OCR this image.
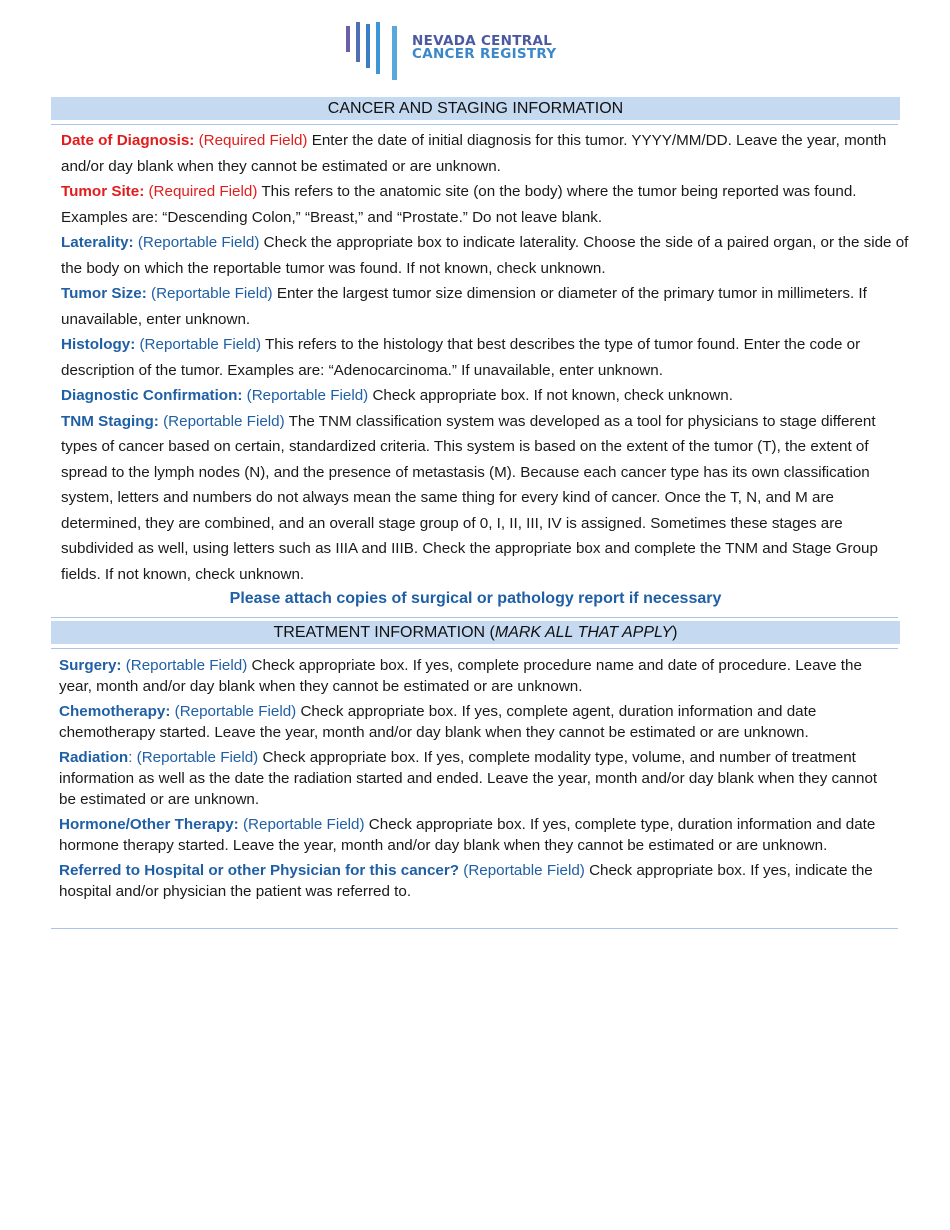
NEVADA CENTRAL
CANCER REGISTRY
CANCER AND STAGING INFORMATION

Date of Diagnosis: (Required Field) Enter the date of initial diagnosis for this tumor. YYYY/MM/DD. Leave the year, month and/or day blank when they cannot be estimated or are unknown.

Tumor Site: (Required Field) This refers to the anatomic site (on the body) where the tumor being reported was found. Examples are: “Descending Colon,” “Breast,” and “Prostate.” Do not leave blank.

Laterality: (Reportable Field) Check the appropriate box to indicate laterality. Choose the side of a paired organ, or the side of the body on which the reportable tumor was found. If not known, check unknown.

Tumor Size: (Reportable Field) Enter the largest tumor size dimension or diameter of the primary tumor in millimeters. If unavailable, enter unknown.

Histology: (Reportable Field) This refers to the histology that best describes the type of tumor found. Enter the code or description of the tumor. Examples are: “Adenocarcinoma.” If unavailable, enter unknown.

Diagnostic Confirmation: (Reportable Field) Check appropriate box. If not known, check unknown.

TNM Staging: (Reportable Field) The TNM classification system was developed as a tool for physicians to stage different types of cancer based on certain, standardized criteria. This system is based on the extent of the tumor (T), the extent of spread to the lymph nodes (N), and the presence of metastasis (M). Because each cancer type has its own classification system, letters and numbers do not always mean the same thing for every kind of cancer. Once the T, N, and M are determined, they are combined, and an overall stage group of 0, I, II, III, IV is assigned. Sometimes these stages are subdivided as well, using letters such as IIIA and IIIB. Check the appropriate box and complete the TNM and Stage Group fields. If not known, check unknown.

Please attach copies of surgical or pathology report if necessary
TREATMENT INFORMATION (MARK ALL THAT APPLY)

Surgery: (Reportable Field) Check appropriate box. If yes, complete procedure name and date of procedure. Leave the year, month and/or day blank when they cannot be estimated or are unknown.

Chemotherapy: (Reportable Field) Check appropriate box. If yes, complete agent, duration information and date chemotherapy started. Leave the year, month and/or day blank when they cannot be estimated or are unknown.

Radiation: (Reportable Field) Check appropriate box. If yes, complete modality type, volume, and number of treatment information as well as the date the radiation started and ended. Leave the year, month and/or day blank when they cannot be estimated or are unknown.

Hormone/Other Therapy: (Reportable Field) Check appropriate box. If yes, complete type, duration information and date hormone therapy started. Leave the year, month and/or day blank when they cannot be estimated or are unknown.

Referred to Hospital or other Physician for this cancer? (Reportable Field) Check appropriate box. If yes, indicate the hospital and/or physician the patient was referred to.
